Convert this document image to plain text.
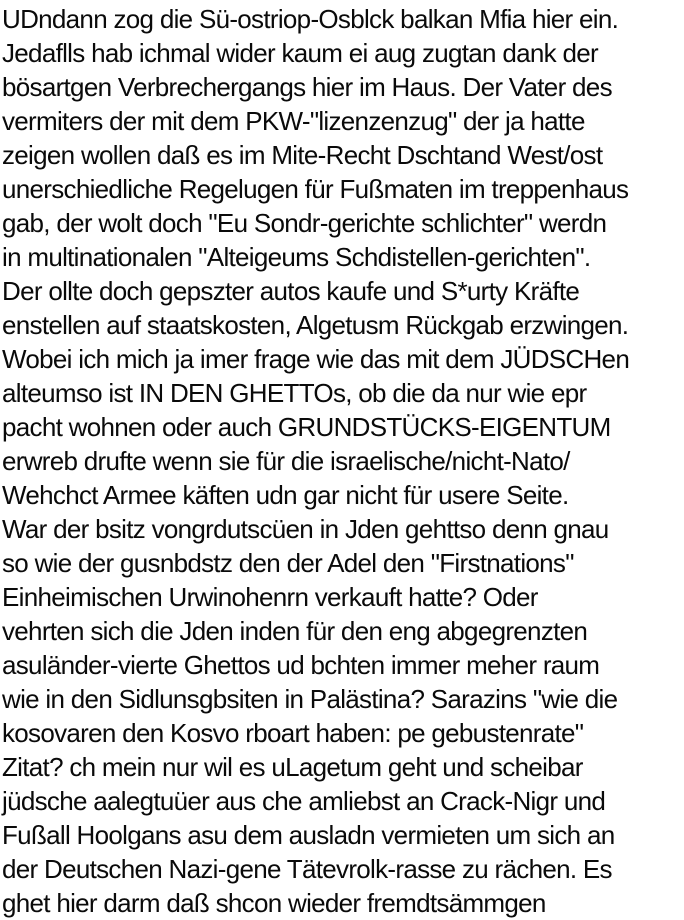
UDndann zog die Sü-ostriop-Osblck balkan Mfia hier ein.
Jedaflls hab ichmal wider kaum ei aug zugtan dank der
bösartgen Verbrechergangs hier im Haus. Der Vater des
vermiters der mit dem PKW-"lizenzenzug" der ja hatte
zeigen wollen daß es im Mite-Recht Dschtand West/ost
unerschiedliche Regelugen für Fußmaten im treppenhaus
gab, der wolt doch "Eu Sondr-gerichte schlichter" werdn
in multinationalen "Alteigeums Schdistellen-gerichten".
Der ollte doch gepszter autos kaufe und S*urty Kräfte
enstellen auf staatskosten, Algetusm Rückgab erzwingen.
Wobei ich mich ja imer frage wie das mit dem JÜDSCHen
alteumso ist IN DEN GHETTOs, ob die da nur wie epr
pacht wohnen oder auch GRUNDSTÜCKS-EIGENTUM
erwreb drufte wenn sie für die israelische/nicht-Nato/
Wehchct Armee käften udn gar nicht für usere Seite.
War der bsitz vongrdutscüen in Jden gehttso denn gnau
so wie der gusnbdstz den der Adel den "Firstnations"
Einheimischen Urwinohenrn verkauft hatte? Oder
vehrten sich die Jden inden für den eng abgegrenzten
asuländer-vierte Ghettos ud bchten immer meher raum
wie in den Sidlunsgbsiten in Palästina? Sarazins "wie die
kosovaren den Kosvo rboart haben: pe gebustenrate"
Zitat? ch mein nur wil es uLagetum geht und scheibar
jüdsche aalegtuüer aus che amliebst an Crack-Nigr und
Fußall Hoolgans asu dem ausladn vermieten um sich an
der Deutschen Nazi-gene Tätevrolk-rasse zu rächen. Es
ghet hier darm daß shcon wieder fremdtsämmgen
